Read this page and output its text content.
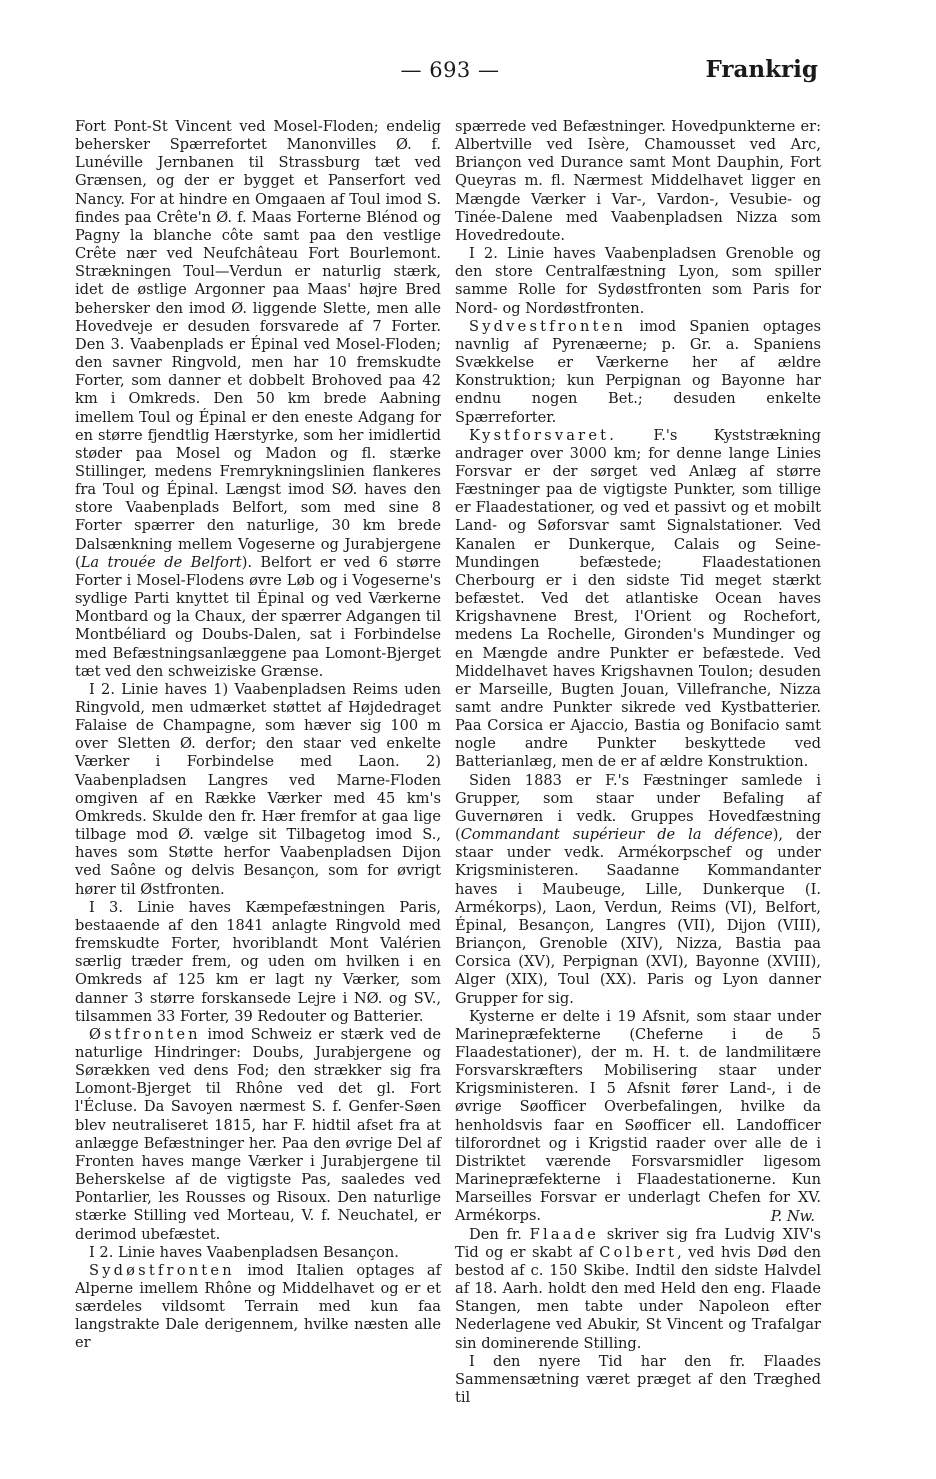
— 693 —	Frankrig

Fort Pont-St Vincent ved Mosel-Floden; endelig behersker Spærrefortet Manonvilles Ø. f. Lunéville Jernbanen til Strassburg tæt ved Grænsen, og der er bygget et Panserfort ved Nancy. For at hindre en Omgaaen af Toul imod S. findes paa Crête'n Ø. f. Maas Forterne Blénod og Pagny la blanche côte samt paa den vestlige Crête nær ved Neufchâteau Fort Bourlemont. Strækningen Toul—Verdun er naturlig stærk, idet de østlige Argonner paa Maas' højre Bred behersker den imod Ø. liggende Slette, men alle Hovedveje er desuden forsvarede af 7 Forter. Den 3. Vaabenplads er Épinal ved Mosel-Floden; den savner Ringvold, men har 10 fremskudte Forter, som danner et dobbelt Brohoved paa 42 km i Omkreds. Den 50 km brede Aabning imellem Toul og Épinal er den eneste Adgang for en større fjendtlig Hærstyrke, som her imidlertid støder paa Mosel og Madon og fl. stærke Stillinger, medens Fremrykningslinien flankeres fra Toul og Épinal. Længst imod SØ. haves den store Vaabenplads Belfort, som med sine 8 Forter spærrer den naturlige, 30 km brede Dalsænkning mellem Vogeserne og Jurabjergene (La trouée de Belfort). Belfort er ved 6 større Forter i Mosel-Flodens øvre Løb og i Vogeserne's sydlige Parti knyttet til Épinal og ved Værkerne Montbard og la Chaux, der spærrer Adgangen til Montbéliard og Doubs-Dalen, sat i Forbindelse med Befæstningsanlæggene paa Lomont-Bjerget tæt ved den schweiziske Grænse.

I 2. Linie haves 1) Vaabenpladsen Reims uden Ringvold, men udmærket støttet af Højdedraget Falaise de Champagne, som hæver sig 100 m over Sletten Ø. derfor; den staar ved enkelte Værker i Forbindelse med Laon. 2) Vaabenpladsen Langres ved Marne-Floden omgiven af en Række Værker med 45 km's Omkreds. Skulde den fr. Hær fremfor at gaa lige tilbage mod Ø. vælge sit Tilbagetog imod S., haves som Støtte herfor Vaabenpladsen Dijon ved Saône og delvis Besançon, som for øvrigt hører til Østfronten.

I 3. Linie haves Kæmpefæstningen Paris, bestaaende af den 1841 anlagte Ringvold med fremskudte Forter, hvoriblandt Mont Valérien særlig træder frem, og uden om hvilken i en Omkreds af 125 km er lagt ny Værker, som danner 3 større forskansede Lejre i NØ. og SV., tilsammen 33 Forter, 39 Redouter og Batterier.

Østfronten imod Schweiz er stærk ved de naturlige Hindringer: Doubs, Jurabjergene og Sørækken ved dens Fod; den strækker sig fra Lomont-Bjerget til Rhône ved det gl. Fort l'Écluse. Da Savoyen nærmest S. f. Genfer-Søen blev neutraliseret 1815, har F. hidtil afset fra at anlægge Befæstninger her. Paa den øvrige Del af Fronten haves mange Værker i Jurabjergene til Beherskelse af de vigtigste Pas, saaledes ved Pontarlier, les Rousses og Risoux. Den naturlige stærke Stilling ved Morteau, V. f. Neuchatel, er derimod ubefæstet.

I 2. Linie haves Vaabenpladsen Besançon.

Sydøstfronten imod Italien optages af Alperne imellem Rhône og Middelhavet og er et særdeles vildsomt Terrain med kun faa langstrakte Dale derigennem, hvilke næsten alle er

spærrede ved Befæstninger. Hovedpunkterne er: Albertville ved Isère, Chamousset ved Arc, Briançon ved Durance samt Mont Dauphin, Fort Queyras m. fl. Nærmest Middelhavet ligger en Mængde Værker i Var-, Vardon-, Vesubie- og Tinée-Dalene med Vaabenpladsen Nizza som Hovedredoute.

I 2. Linie haves Vaabenpladsen Grenoble og den store Centralfæstning Lyon, som spiller samme Rolle for Sydøstfronten som Paris for Nord- og Nordøstfronten.

Sydvestfronten imod Spanien optages navnlig af Pyrenæerne; p. Gr. a. Spaniens Svækkelse er Værkerne her af ældre Konstruktion; kun Perpignan og Bayonne har endnu nogen Bet.; desuden enkelte Spærreforter.

Kystforsvaret. F.'s Kyststrækning andrager over 3000 km; for denne lange Linies Forsvar er der sørget ved Anlæg af større Fæstninger paa de vigtigste Punkter, som tillige er Flaadestationer, og ved et passivt og et mobilt Land- og Søforsvar samt Signalstationer. Ved Kanalen er Dunkerque, Calais og Seine-Mundingen befæstede; Flaadestationen Cherbourg er i den sidste Tid meget stærkt befæstet. Ved det atlantiske Ocean haves Krigshavnene Brest, l'Orient og Rochefort, medens La Rochelle, Gironden's Mundinger og en Mængde andre Punkter er befæstede. Ved Middelhavet haves Krigshavnen Toulon; desuden er Marseille, Bugten Jouan, Villefranche, Nizza samt andre Punkter sikrede ved Kystbatterier. Paa Corsica er Ajaccio, Bastia og Bonifacio samt nogle andre Punkter beskyttede ved Batterianlæg, men de er af ældre Konstruktion.

Siden 1883 er F.'s Fæstninger samlede i Grupper, som staar under Befaling af Guvernøren i vedk. Gruppes Hovedfæstning (Commandant supérieur de la défence), der staar under vedk. Armékorpschef og under Krigsministeren. Saadanne Kommandanter haves i Maubeuge, Lille, Dunkerque (I. Armékorps), Laon, Verdun, Reims (VI), Belfort, Épinal, Besançon, Langres (VII), Dijon (VIII), Briançon, Grenoble (XIV), Nizza, Bastia paa Corsica (XV), Perpignan (XVI), Bayonne (XVIII), Alger (XIX), Toul (XX). Paris og Lyon danner Grupper for sig.

Kysterne er delte i 19 Afsnit, som staar under Marinepræfekterne (Cheferne i de 5 Flaadestationer), der m. H. t. de landmilitære Forsvarskræfters Mobilisering staar under Krigsministeren. I 5 Afsnit fører Land-, i de øvrige Søofficer Overbefalingen, hvilke da henholdsvis faar en Søofficer ell. Landofficer tilforordnet og i Krigstid raader over alle de i Distriktet værende Forsvarsmidler ligesom Marinepræfekterne i Flaadestationerne. Kun Marseilles Forsvar er underlagt Chefen for XV. Armékorps.	P. Nw.

Den fr. Flaade skriver sig fra Ludvig XIV's Tid og er skabt af Colbert, ved hvis Død den bestod af c. 150 Skibe. Indtil den sidste Halvdel af 18. Aarh. holdt den med Held den eng. Flaade Stangen, men tabte under Napoleon efter Nederlagene ved Abukir, St Vincent og Trafalgar sin dominerende Stilling.

I den nyere Tid har den fr. Flaades Sammensætning været præget af den Træghed til
